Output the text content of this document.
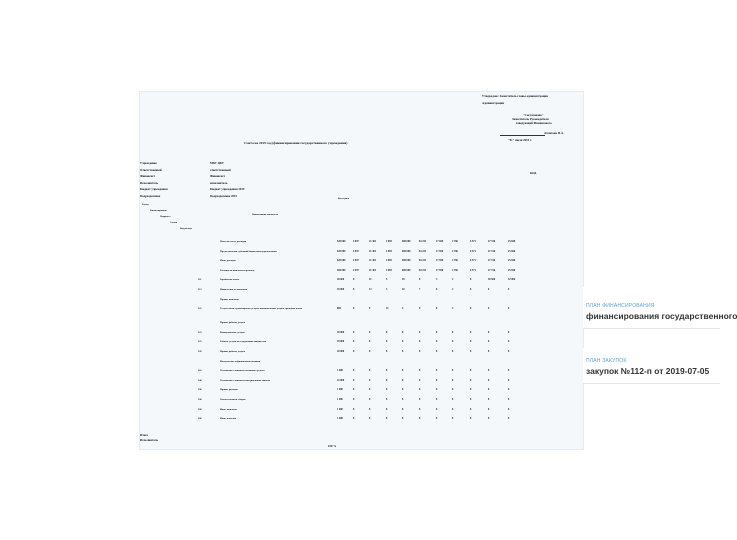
Утверждаю: Заместитель главы администрации
Администрации
"Согласовано"
Заместитель Руководителя
заведующий Финансового
Ахметова Н.А.
"01" июля 2019 г.
Смета на 2019 год (финансирования государственного учреждения)
Учреждение	МБУ ЦБУ
Ответственный	ответственный
Финансист	Финансист
Исполнитель	исполнитель
Бюджет учреждения	Бюджет учреждения 2019
Подразделение	Подразделение 2019
КОД
Расход
Финансирование
Подраздел
Статья
Вид расхода
Наименование показателя
Код строки
Итого по смете расходов	520 000	4 837	21 301	4 893	600 000	84 231	17 830	2 350	6 571	47 156	25 840
Предоставление субсидий бюджетным учреждениям	620 000	4 837	21 301	4 893	600 000	84 231	17 830	2 350	6 571	47 156	25 840
Иные расходы	620 000	4 837	21 301	4 893	600 000	84 231	17 830	2 350	6 571	47 156	25 840
Расходы на выплаты персоналу	400 000	4 837	21 301	4 893	600 000	84 231	17 830	2 350	6 571	47 156	25 840
211	Заработная плата	28 000	8	21	5	18	8	3	2	8	38 500	32 000
213	Начисления на выплаты	18 000	8	13	3	10	7	8	2	8	0	0
Прочие выплаты
221	Услуги связи, транспортные услуги, коммунальные услуги, арендная плата	800	8	9	21	4	9	8	2	8	0	0
Прочие работы, услуги
223	Коммунальные услуги	20 000	8	8	8	8	8	8	8	8	8	8
225	Работы, услуги по содержанию имущества	20 000	8	8	8	8	8	8	8	8	8	8
226	Прочие работы, услуги	20 000	8	8	8	8	8	8	8	8	8	8
Поступление нефинансовых активов
310	Увеличение стоимости основных средств	1 000	8	8	8	8	8	8	8	8	8	8
340	Увеличение стоимости материальных запасов	22 000	8	8	8	8	8	8	8	8	8	8
290	Прочие расходы	1 000	8	8	8	8	8	8	8	8	8	8
290	Уплата налогов, сборов	1 000	8	8	8	8	8	8	8	8	8	8
290	Иные выплаты	1 000	8	8	8	8	8	8	8	8	8	8
290	Иные платежи	1 000	8	8	8	8	8	8	8	8	8	8
Итого
Исполнитель
100 %
ПЛАН ФИНАНСИРОВАНИЯ
финансирования государственного
ПЛАН ЗАКУПОК
закупок №112-п от 2019-07-05
